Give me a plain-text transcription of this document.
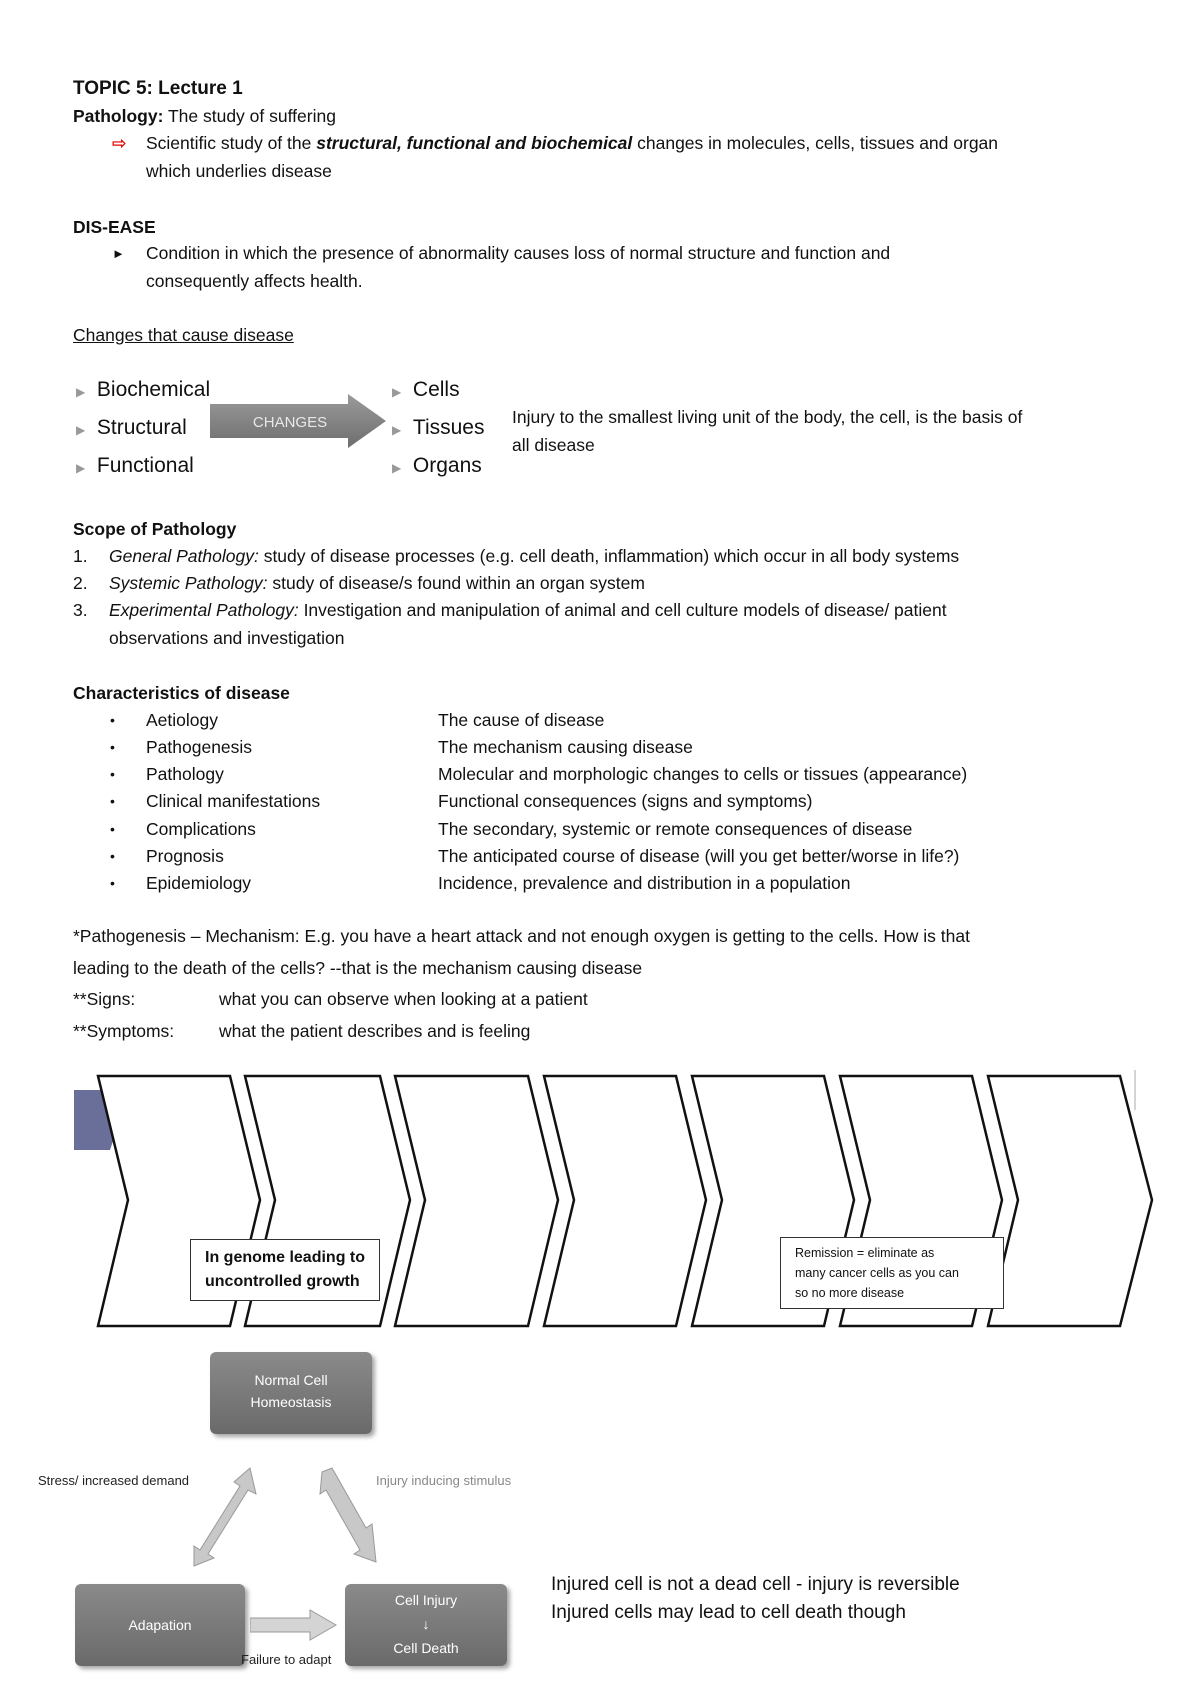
TOPIC 5: Lecture 1
Pathology: The study of suffering
⇨ Scientific study of the structural, functional and biochemical changes in molecules, cells, tissues and organ
which underlies disease
DIS-EASE
► Condition in which the presence of abnormality causes loss of normal structure and function and
consequently affects health.
Changes that cause disease
▶ Biochemical
▶ Structural
▶ Functional
CHANGES
▶ Cells
▶ Tissues
▶ Organs
Injury to the smallest living unit of the body, the cell, is the basis of
all disease
Scope of Pathology
1. General Pathology: study of disease processes (e.g. cell death, inflammation) which occur in all body systems
2. Systemic Pathology: study of disease/s found within an organ system
3. Experimental Pathology: Investigation and manipulation of animal and cell culture models of disease/ patient
observations and investigation
Characteristics of disease
• Aetiology	The cause of disease
• Pathogenesis	The mechanism causing disease
• Pathology	Molecular and morphologic changes to cells or tissues (appearance)
• Clinical manifestations	Functional consequences (signs and symptoms)
• Complications	The secondary, systemic or remote consequences of disease
• Prognosis	The anticipated course of disease (will you get better/worse in life?)
• Epidemiology	Incidence, prevalence and distribution in a population
*Pathogenesis – Mechanism: E.g. you have a heart attack and not enough oxygen is getting to the cells. How is that
leading to the death of the cells? --that is the mechanism causing disease
**Signs:	what you can observe when looking at a patient
**Symptoms:	what the patient describes and is feeling
In genome leading to
uncontrolled growth
Remission = eliminate as
many cancer cells as you can
so no more disease
Normal Cell
Homeostasis
Stress/ increased demand	Injury inducing stimulus
Adapation
Failure to adapt
Cell Injury
↓
Cell Death
Injured cell is not a dead cell - injury is reversible
Injured cells may lead to cell death though
